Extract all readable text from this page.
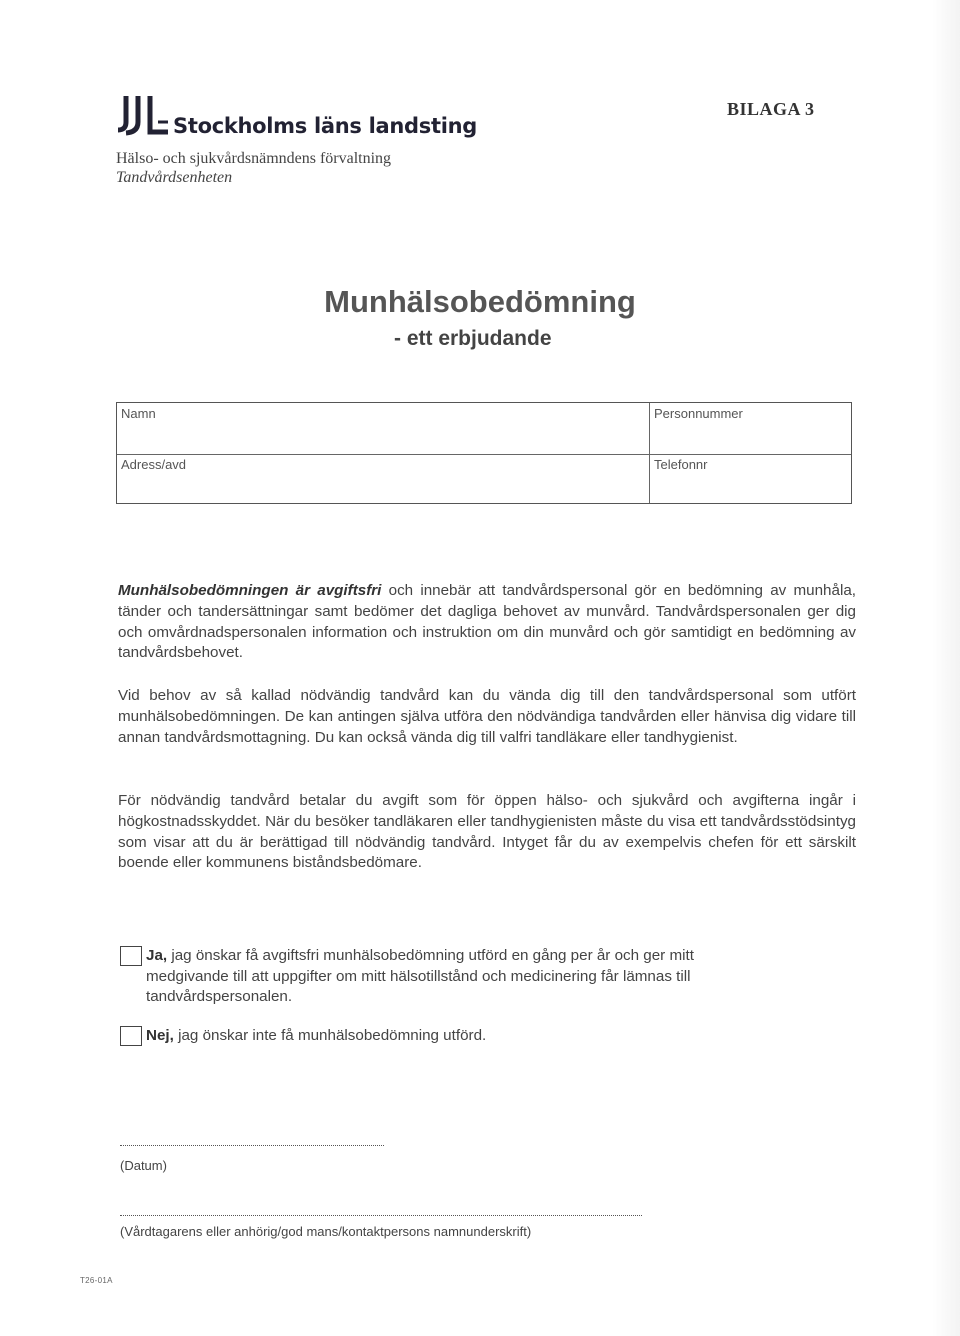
Stockholms läns landsting
Hälso- och sjukvårdsnämndens förvaltning
Tandvårdsenheten
BILAGA 3
Munhälsobedömning
- ett erbjudande
Namn	Personnummer
Adress/avd	Telefonnr
Munhälsobedömningen är avgiftsfri och innebär att tandvårdspersonal gör en bedömning av munhåla, tänder och tandersättningar samt bedömer det dagliga behovet av munvård. Tandvårdspersonalen ger dig och omvårdnadspersonalen information och instruktion om din munvård och gör samtidigt en bedömning av tandvårdsbehovet.
Vid behov av så kallad nödvändig tandvård kan du vända dig till den tandvårdspersonal som utfört munhälsobedömningen. De kan antingen själva utföra den nödvändiga tandvården eller hänvisa dig vidare till annan tandvårdsmottagning. Du kan också vända dig till valfri tandläkare eller tandhygienist.
För nödvändig tandvård betalar du avgift som för öppen hälso- och sjukvård och avgifterna ingår i högkostnadsskyddet. När du besöker tandläkaren eller tandhygienisten måste du visa ett tandvårdsstödsintyg som visar att du är berättigad till nödvändig tandvård. Intyget får du av exempelvis chefen för ett särskilt boende eller kommunens biståndsbedömare.
Ja, jag önskar få avgiftsfri munhälsobedömning utförd en gång per år och ger mitt medgivande till att uppgifter om mitt hälsotillstånd och medicinering får lämnas till tandvårdspersonalen.
Nej, jag önskar inte få munhälsobedömning utförd.
(Datum)
(Vårdtagarens eller anhörig/god mans/kontaktpersons namnunderskrift)
T26-01A
